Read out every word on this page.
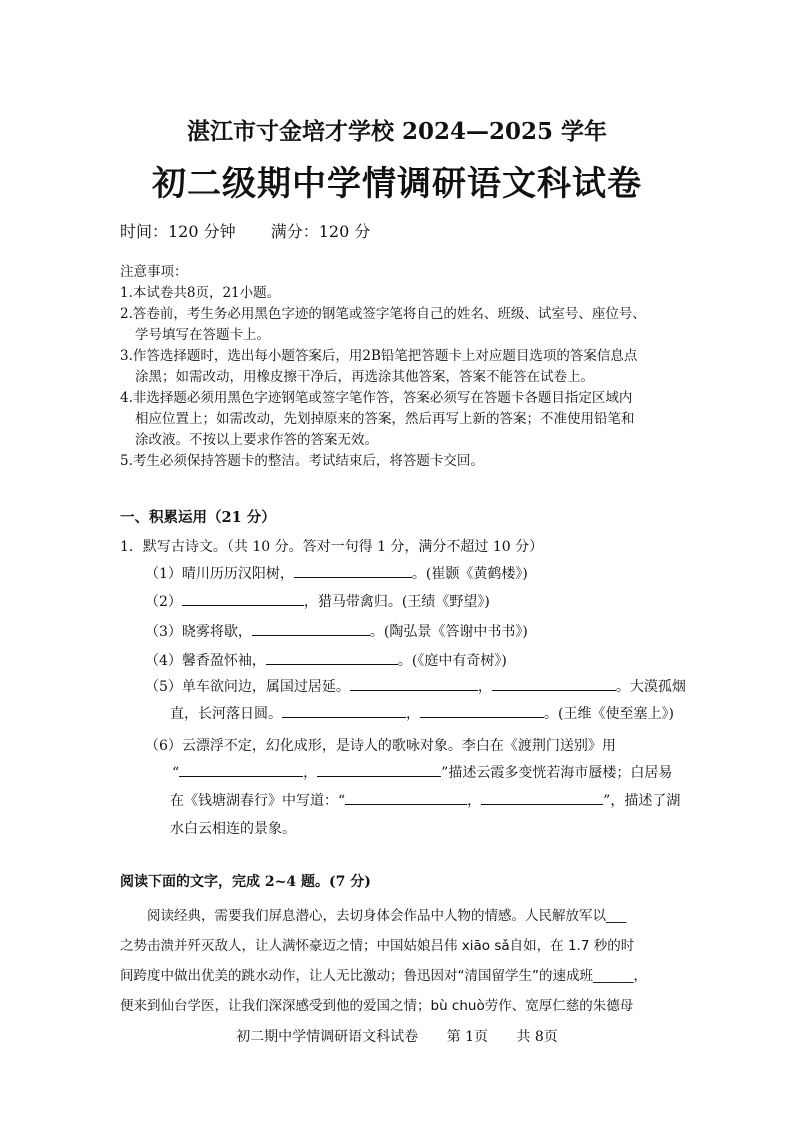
湛江市寸金培才学校 2024—2025 学年
初二级期中学情调研语文科试卷
时间：120 分钟 满分：120 分
注意事项：
1.本试卷共8页，21小题。
2.答卷前，考生务必用黑色字迹的钢笔或签字笔将自己的姓名、班级、试室号、座位号、
学号填写在答题卡上。
3.作答选择题时，选出每小题答案后，用2B铅笔把答题卡上对应题目选项的答案信息点
涂黑；如需改动，用橡皮擦干净后，再选涂其他答案，答案不能答在试卷上。
4.非选择题必须用黑色字迹钢笔或签字笔作答，答案必须写在答题卡各题目指定区域内
相应位置上；如需改动，先划掉原来的答案，然后再写上新的答案；不准使用铅笔和
涂改液。不按以上要求作答的答案无效。
5.考生必须保持答题卡的整洁。考试结束后，将答题卡交回。
一、积累运用（21 分）
1．默写古诗文。（共 10 分。答对一句得 1 分，满分不超过 10 分）
（1）晴川历历汉阳树，	。(崔颢《黄鹤楼》)
（2）	，猎马带禽归。(王绩《野望》)
（3）晓雾将歇，	。(陶弘景《答谢中书书》)
（4）馨香盈怀袖，	。(《庭中有奇树》)
（5）单车欲问边，属国过居延。	，	。大漠孤烟
直，长河落日圆。	，	。(王维《使至塞上》)
（6）云漂浮不定，幻化成形，是诗人的歌咏对象。李白在《渡荆门送别》用
“	，	”描述云霞多变恍若海市蜃楼；白居易
在《钱塘湖春行》中写道：“	，	”，描述了湖
水白云相连的景象。
阅读下面的文字，完成 2~4 题。(7 分)
　　阅读经典，需要我们屏息潜心，去切身体会作品中人物的情感。人民解放军以___
之势击溃并歼灭敌人，让人满怀豪迈之情；中国姑娘吕伟 xiāo sǎ自如，在 1.7 秒的时
间跨度中做出优美的跳水动作，让人无比激动；鲁迅因对“清国留学生”的速成班______，
便来到仙台学医，让我们深深感受到他的爱国之情；bù chuò劳作、宽厚仁慈的朱德母
初二期中学情调研语文科试卷 第 1页 共 8页
